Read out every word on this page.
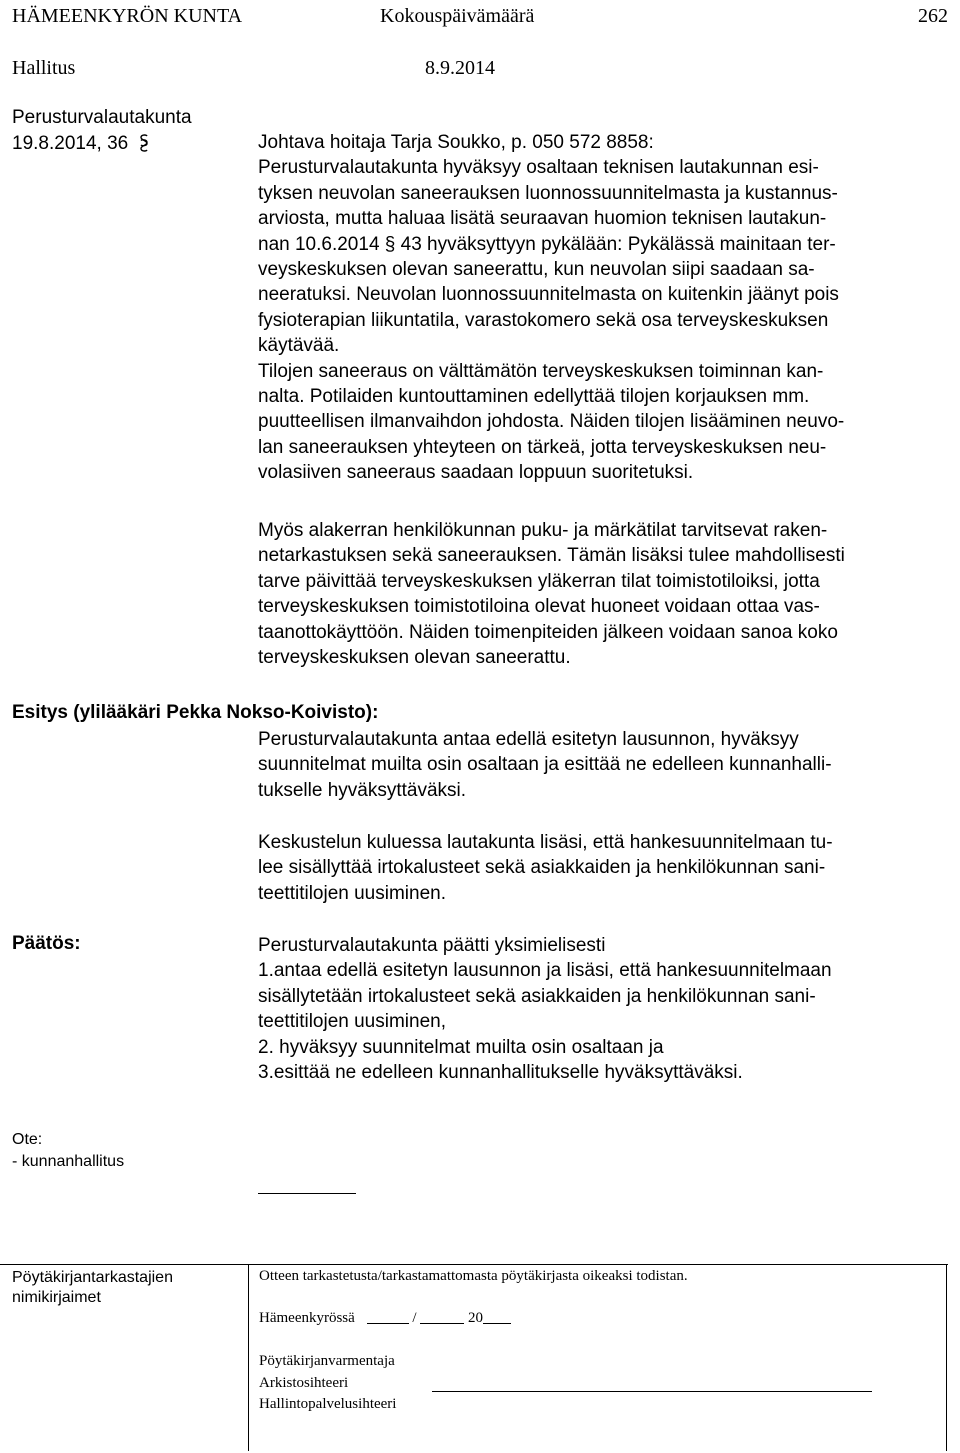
HÄMEENKYRÖN KUNTA	Kokouspäivämäärä	262
Hallitus	8.9.2014
Perusturvalautakunta
19.8.2014, 36	Johtava hoitaja Tarja Soukko, p. 050 572 8858:
Perusturvalautakunta hyväksyy osaltaan teknisen lautakunnan esi-
tyksen neuvolan saneerauksen luonnossuunnitelmasta ja kustannus-
arviosta, mutta haluaa lisätä seuraavan huomion teknisen lautakun-
nan 10.6.2014 § 43 hyväksyttyyn pykälään: Pykälässä mainitaan ter-
veyskeskuksen olevan saneerattu, kun neuvolan siipi saadaan sa-
neeratuksi. Neuvolan luonnossuunnitelmasta on kuitenkin jäänyt pois
fysioterapian liikuntatila, varastokomero sekä osa terveyskeskuksen
käytävää.
Tilojen saneeraus on välttämätön terveyskeskuksen toiminnan kan-
nalta. Potilaiden kuntouttaminen edellyttää tilojen korjauksen mm.
puutteellisen ilmanvaihdon johdosta. Näiden tilojen lisääminen neuvo-
lan saneerauksen yhteyteen on tärkeä, jotta terveyskeskuksen neu-
volasiiven saneeraus saadaan loppuun suoritetuksi.
Myös alakerran henkilökunnan puku- ja märkätilat tarvitsevat raken-
netarkastuksen sekä saneerauksen. Tämän lisäksi tulee mahdollisesti
tarve päivittää terveyskeskuksen yläkerran tilat toimistotiloiksi, jotta
terveyskeskuksen toimistotiloina olevat huoneet voidaan ottaa vas-
taanottokäyttöön. Näiden toimenpiteiden jälkeen voidaan sanoa koko
terveyskeskuksen olevan saneerattu.
Esitys (ylilääkäri Pekka Nokso-Koivisto):
Perusturvalautakunta antaa edellä esitetyn lausunnon, hyväksyy
suunnitelmat muilta osin osaltaan ja esittää ne edelleen kunnanhalli-
tukselle hyväksyttäväksi.
Keskustelun kuluessa lautakunta lisäsi, että hankesuunnitelmaan tu-
lee sisällyttää irtokalusteet sekä asiakkaiden ja henkilökunnan sani-
teettitilojen uusiminen.
Päätös:	Perusturvalautakunta päätti yksimielisesti
1.antaa edellä esitetyn lausunnon ja lisäsi, että hankesuunnitelmaan
sisällytetään irtokalusteet sekä asiakkaiden ja henkilökunnan sani-
teettitilojen uusiminen,
2. hyväksyy suunnitelmat muilta osin osaltaan ja
3.esittää ne edelleen kunnanhallitukselle hyväksyttäväksi.
Ote:
- kunnanhallitus
Pöytäkirjantarkastajien
nimikirjaimet
Otteen tarkastetusta/tarkastamattomasta pöytäkirjasta oikeaksi todistan.
Hämeenkyrössä	/	20
Pöytäkirjanvarmentaja
Arkistosihteeri
Hallintopalvelusihteeri
